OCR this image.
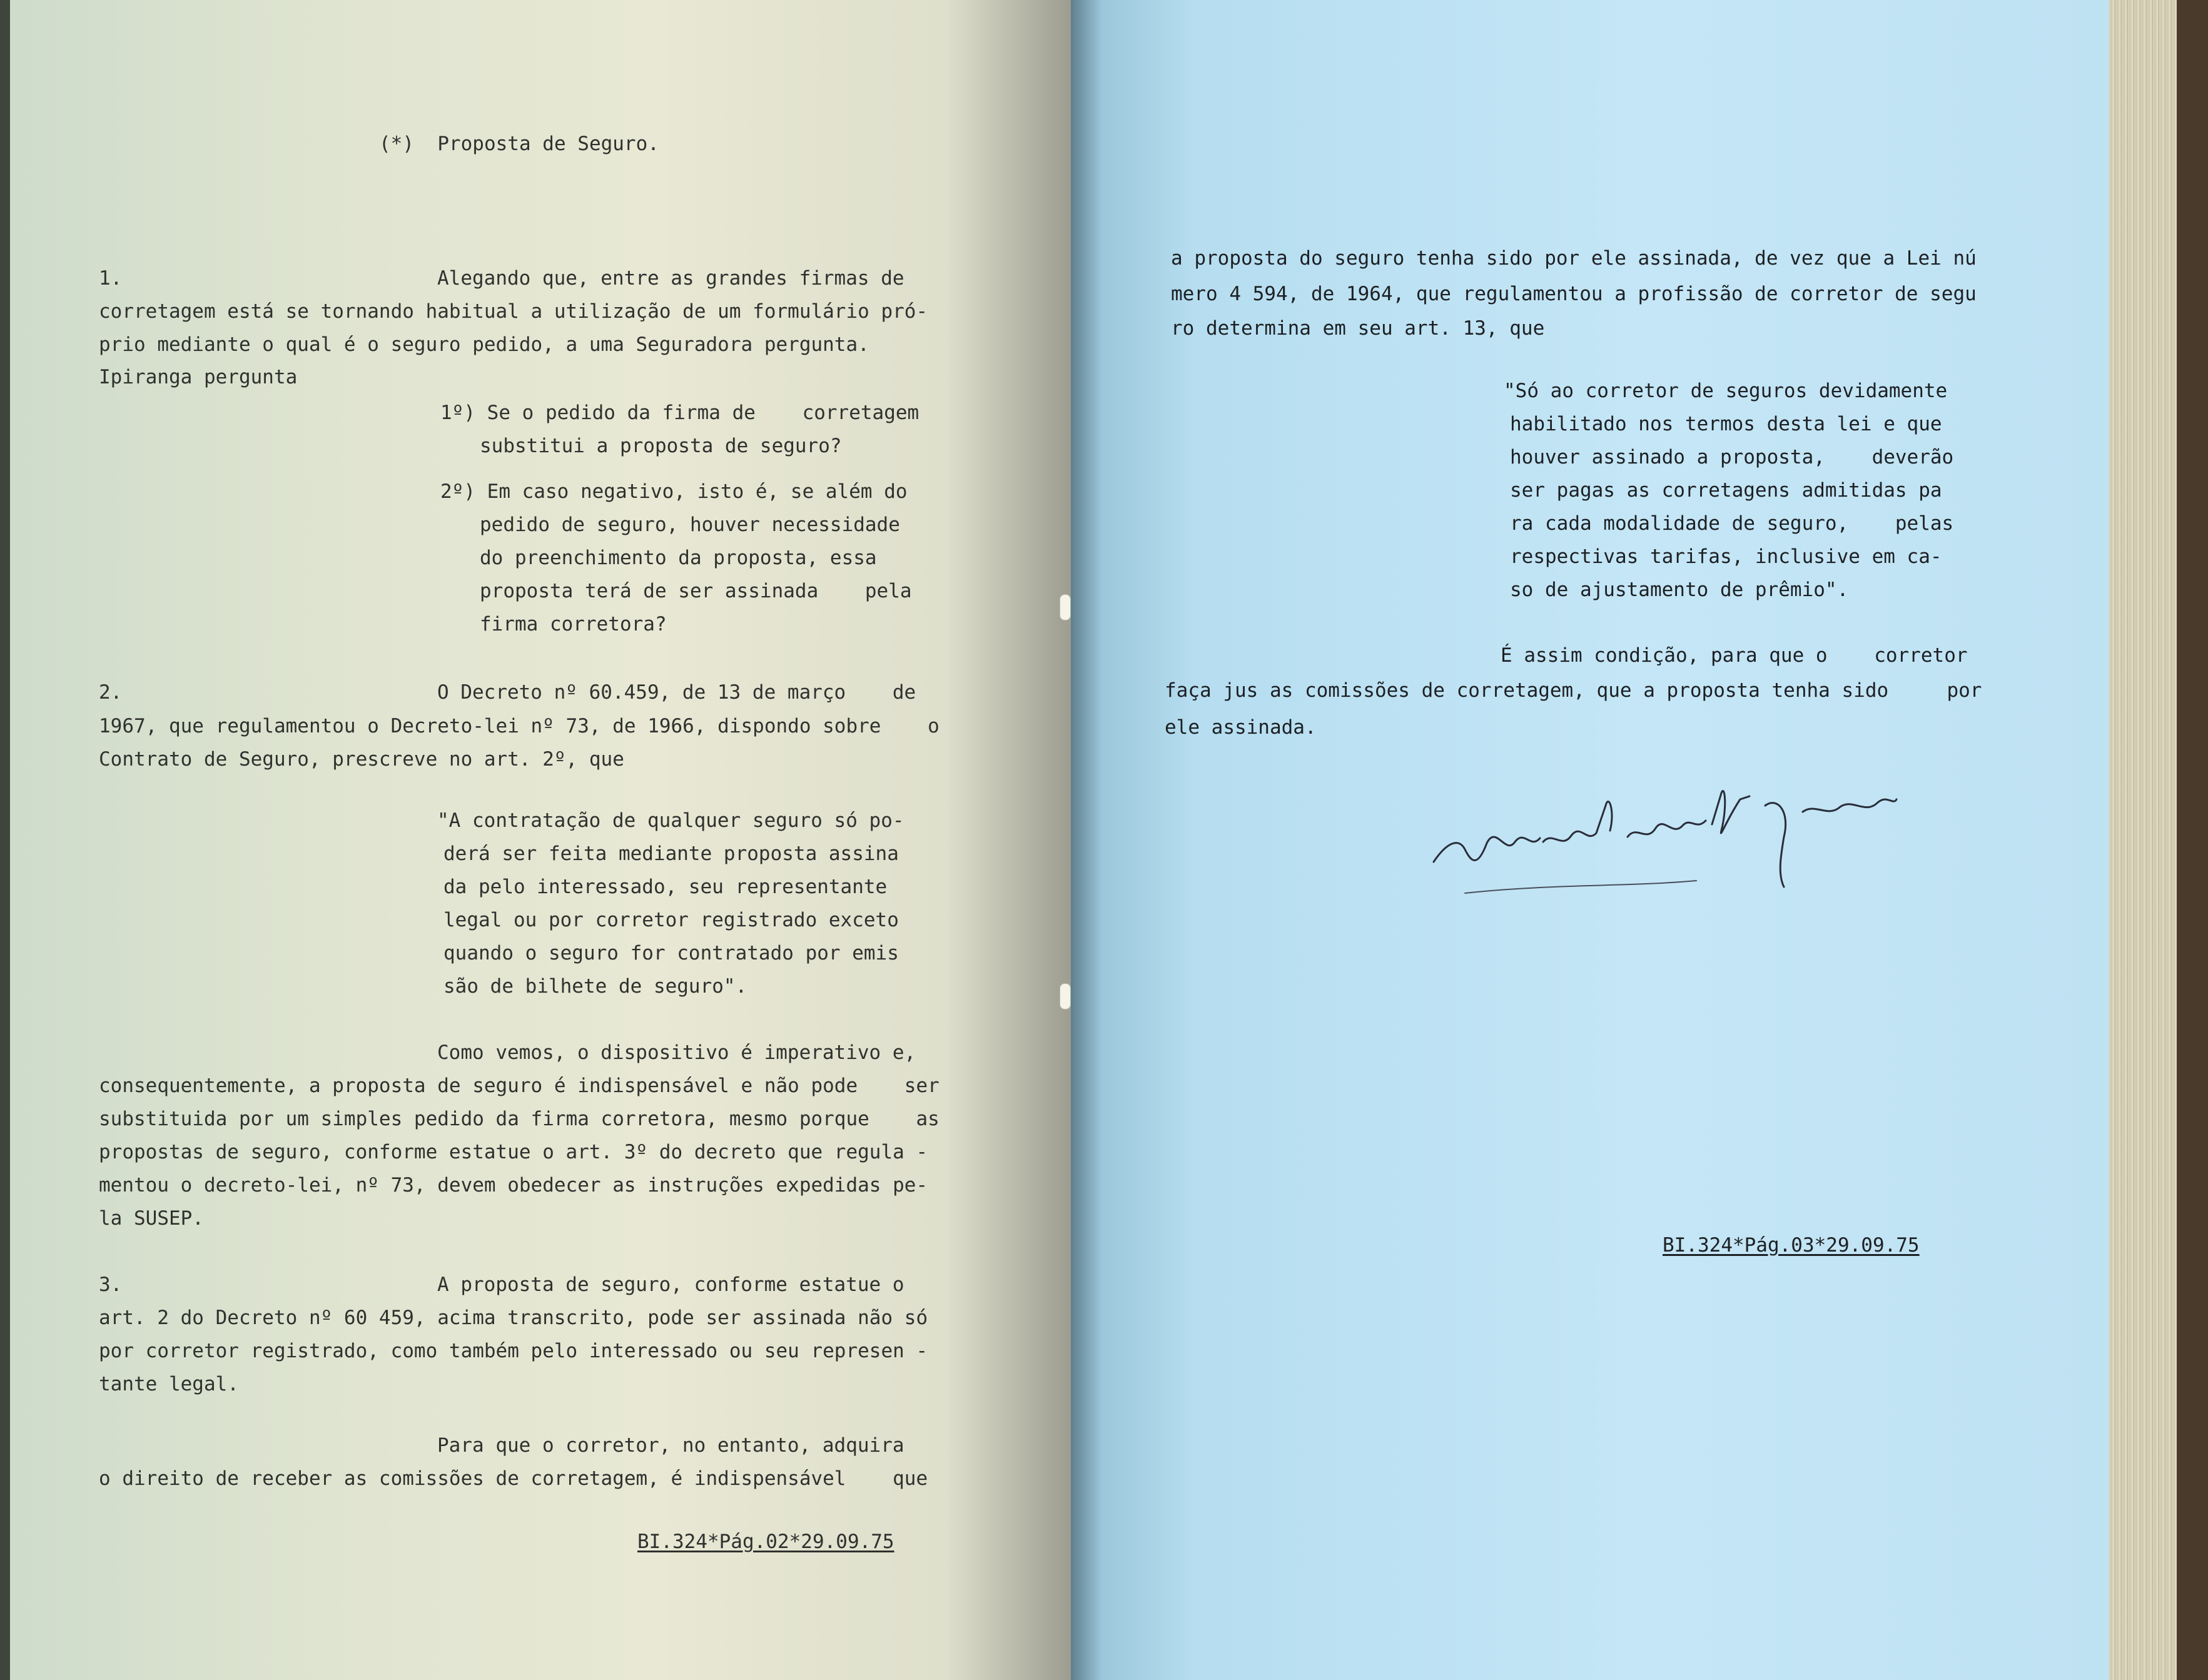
(*)  Proposta de Seguro.
1.	Alegando que, entre as grandes firmas de
corretagem está se tornando habitual a utilização de um formulário pró-
prio mediante o qual é o seguro pedido, a uma Seguradora pergunta.
Ipiranga pergunta
1º) Se o pedido da firma de    corretagem
substitui a proposta de seguro?
2º) Em caso negativo, isto é, se além do
pedido de seguro, houver necessidade
do preenchimento da proposta, essa
proposta terá de ser assinada    pela
firma corretora?
2.	O Decreto nº 60.459, de 13 de março    de
1967, que regulamentou o Decreto-lei nº 73, de 1966, dispondo sobre    o
Contrato de Seguro, prescreve no art. 2º, que
"A contratação de qualquer seguro só po-
derá ser feita mediante proposta assina
da pelo interessado, seu representante
legal ou por corretor registrado exceto
quando o seguro for contratado por emis
são de bilhete de seguro".
Como vemos, o dispositivo é imperativo e,
consequentemente, a proposta de seguro é indispensável e não pode    ser
substituida por um simples pedido da firma corretora, mesmo porque    as
propostas de seguro, conforme estatue o art. 3º do decreto que regula -
mentou o decreto-lei, nº 73, devem obedecer as instruções expedidas pe-
la SUSEP.
3.	A proposta de seguro, conforme estatue o
art. 2 do Decreto nº 60 459, acima transcrito, pode ser assinada não só
por corretor registrado, como também pelo interessado ou seu represen -
tante legal.
Para que o corretor, no entanto, adquira
o direito de receber as comissões de corretagem, é indispensável    que
BI.324*Pág.02*29.09.75
a proposta do seguro tenha sido por ele assinada, de vez que a Lei nú
mero 4 594, de 1964, que regulamentou a profissão de corretor de segu
ro determina em seu art. 13, que
"Só ao corretor de seguros devidamente
habilitado nos termos desta lei e que
houver assinado a proposta,    deverão
ser pagas as corretagens admitidas pa
ra cada modalidade de seguro,    pelas
respectivas tarifas, inclusive em ca-
so de ajustamento de prêmio".
É assim condição, para que o    corretor
faça jus as comissões de corretagem, que a proposta tenha sido     por
ele assinada.
BI.324*Pág.03*29.09.75
